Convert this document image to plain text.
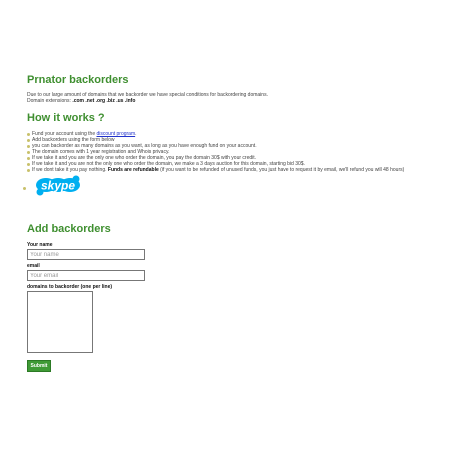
Prnator backorders
Due to our large amount of domains that we backorder we have special conditions for backordering domains.
Domain extensions: .com .net .org .biz .us .info
How it works ?
Fund your account using the discount program.
Add backorders using the form below
you can backorder as many domains as you want, as long as you have enough fund on your account.
The domain comes with 1 year registration and Whois privacy.
If we take it and you are the only one who order the domain, you pay the domain 30$ with your credit.
If we take it and you are not the only one who order the domain, we make a 3 days auction for this domain, starting bid 30$.
If we dont take it you pay nothing. Funds are refundable (if you want to be refunded of unused funds, you just have to request it by email, we'll refund you will 48 hours)
skype
Add backorders
Your name
Your name
email
Your email
domains to backorder (one per line)
Submit
